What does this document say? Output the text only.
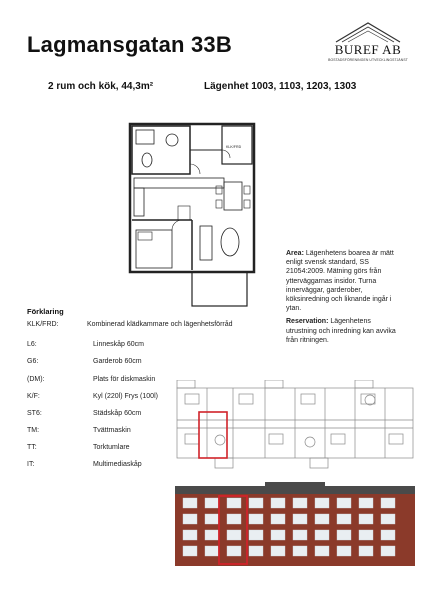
Lagmansgatan 33B	BUREF AB
BOSTADSFÖRENINGEN UTVECKLINGSTJÄNST
2 rum och kök, 44,3m²	Lägenhet 1003, 1103, 1203, 1303
KLK/FRD

Area: Lägenhetens boarea är mätt enligt svensk standard, SS 21054:2009. Mätning görs från ytterväggarnas insidor. Turna innerväggar, garderober, köksinredning och liknande ingår i ytan.

Reservation: Lägenhetens utrustning och inredning kan avvika från ritningen.

Förklaring
KLK/FRD:	Kombinerad klädkammare och lägenhetsförråd
L6:	Linneskåp 60cm
G6:	Garderob 60cm
(DM):	Plats för diskmaskin
K/F:	Kyl (220l) Frys (100l)
ST6:	Städskåp 60cm
TM:	Tvättmaskin
TT:	Torktumlare
IT:	Multimediaskåp
